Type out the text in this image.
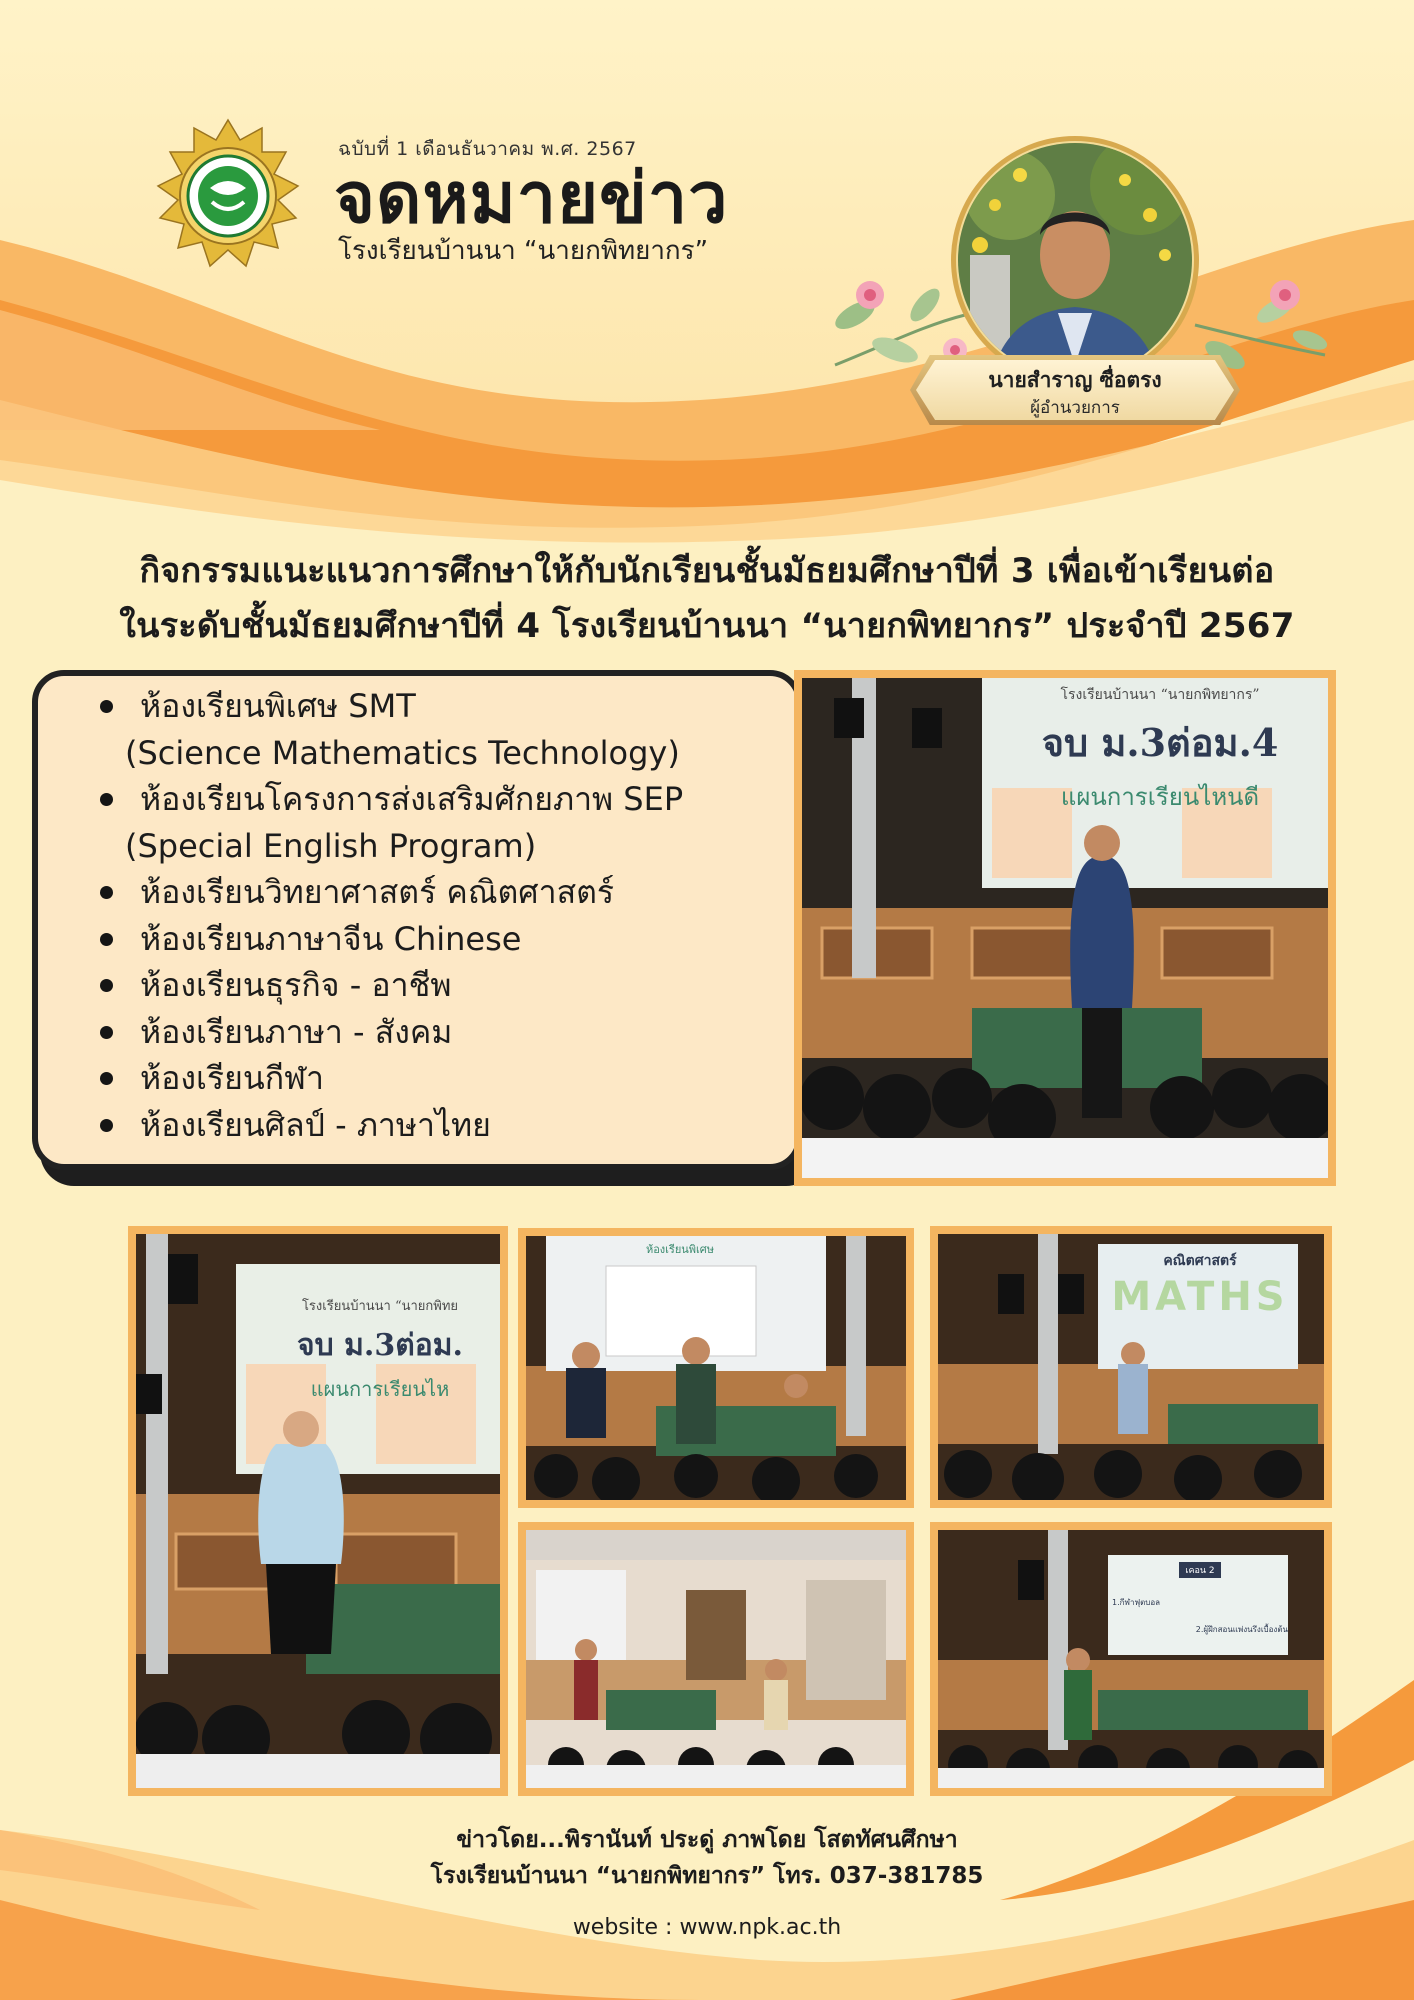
ฉบับที่ 1 เดือนธันวาคม พ.ศ. 2567
จดหมายข่าว
โรงเรียนบ้านนา “นายกพิทยากร”
นายสำราญ ซื่อตรง
ผู้อำนวยการ
กิจกรรมแนะแนวการศึกษาให้กับนักเรียนชั้นมัธยมศึกษาปีที่ 3 เพื่อเข้าเรียนต่อ
ในระดับชั้นมัธยมศึกษาปีที่ 4 โรงเรียนบ้านนา “นายกพิทยากร” ประจำปี 2567
ห้องเรียนพิเศษ SMT
(Science Mathematics Technology)
ห้องเรียนโครงการส่งเสริมศักยภาพ SEP
(Special English Program)
ห้องเรียนวิทยาศาสตร์ คณิตศาสตร์
ห้องเรียนภาษาจีน Chinese
ห้องเรียนธุรกิจ - อาชีพ
ห้องเรียนภาษา - สังคม
ห้องเรียนกีฬา
ห้องเรียนศิลป์ - ภาษาไทย
โรงเรียนบ้านนา “นายกพิทยากร”
จบ ม.3ต่อม.4
แผนการเรียนไหนดี
โรงเรียนบ้านนา “นายกพิทย
จบ ม.3ต่อม.
แผนการเรียนไห
ห้องเรียนพิเศษ
คณิตศาสตร์
MATHS
เคอน 2
1.กีฬาฟุตบอล
2.ผู้ฝึกสอนแพ่งนรึงเบื้องต้น
ข่าวโดย...พิรานันท์ ประดู่ ภาพโดย โสตทัศนศึกษา
โรงเรียนบ้านนา “นายกพิทยากร” โทร. 037-381785
website : www.npk.ac.th
